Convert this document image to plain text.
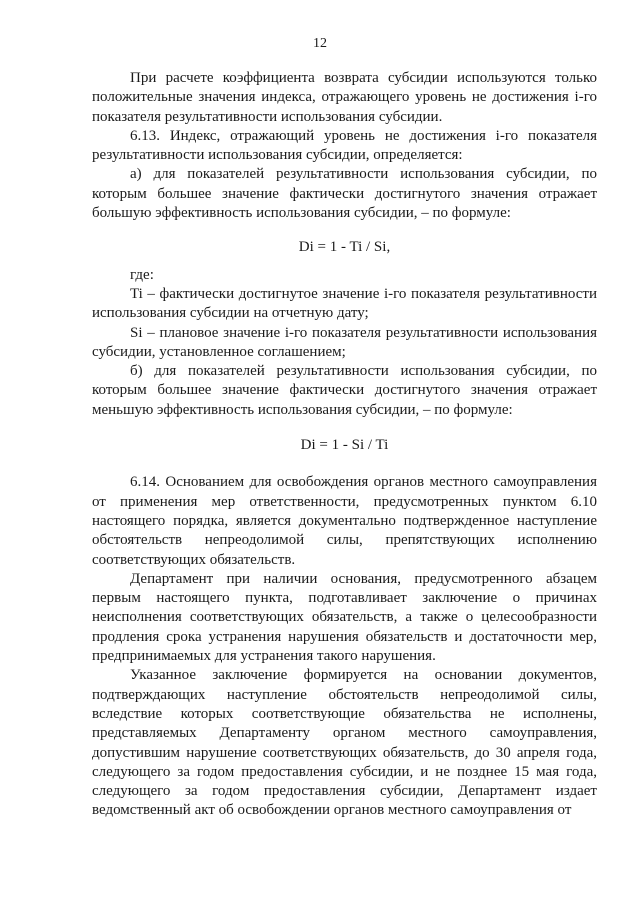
12

При расчете коэффициента возврата субсидии используются только положительные значения индекса, отражающего уровень не достижения i-го показателя результативности использования субсидии.

6.13. Индекс, отражающий уровень не достижения i-го показателя результативности использования субсидии, определяется:

а) для показателей результативности использования субсидии, по которым большее значение фактически достигнутого значения отражает большую эффективность использования субсидии, – по формуле:

Di = 1 - Ti / Si,

где:

Ti – фактически достигнутое значение i-го показателя результативности использования субсидии на отчетную дату;

Si – плановое значение i-го показателя результативности использования субсидии, установленное соглашением;

б) для показателей результативности использования субсидии, по которым большее значение фактически достигнутого значения отражает меньшую эффективность использования субсидии, – по формуле:

Di = 1 - Si / Ti

6.14. Основанием для освобождения органов местного самоуправления от применения мер ответственности, предусмотренных пунктом 6.10 настоящего порядка, является документально подтвержденное наступление обстоятельств непреодолимой силы, препятствующих исполнению соответствующих обязательств.

Департамент при наличии основания, предусмотренного абзацем первым настоящего пункта, подготавливает заключение о причинах неисполнения соответствующих обязательств, а также о целесообразности продления срока устранения нарушения обязательств и достаточности мер, предпринимаемых для устранения такого нарушения.

Указанное заключение формируется на основании документов, подтверждающих наступление обстоятельств непреодолимой силы, вследствие которых соответствующие обязательства не исполнены, представляемых Департаменту органом местного самоуправления, допустившим нарушение соответствующих обязательств, до 30 апреля года, следующего за годом предоставления субсидии, и не позднее 15 мая года, следующего за годом предоставления субсидии, Департамент издает ведомственный акт об освобождении органов местного самоуправления от
